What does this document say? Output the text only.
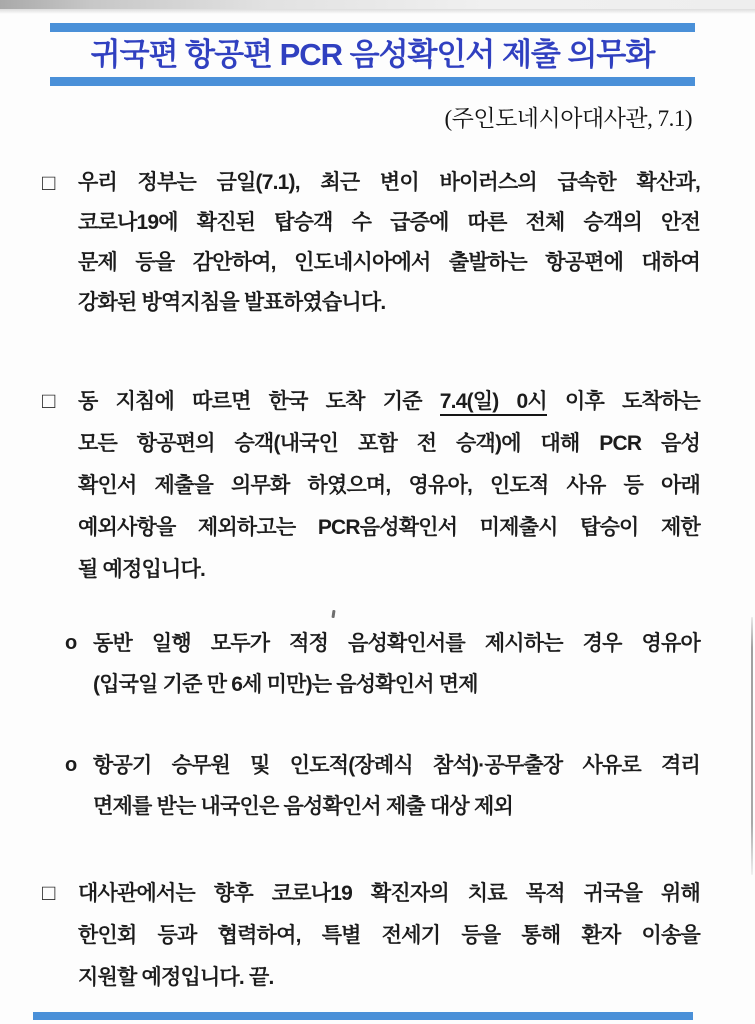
귀국편 항공편 PCR 음성확인서 제출 의무화
(주인도네시아대사관, 7.1)
□	우리 정부는 금일(7.1), 최근 변이 바이러스의 급속한 확산과,
코로나19에 확진된 탑승객 수 급증에 따른 전체 승객의 안전
문제 등을 감안하여, 인도네시아에서 출발하는 항공편에 대하여
강화된 방역지침을 발표하였습니다.
□	동 지침에 따르면 한국 도착 기준 7.4(일) 0시 이후 도착하는
모든 항공편의 승객(내국인 포함 전 승객)에 대해 PCR 음성
확인서 제출을 의무화 하였으며, 영유아, 인도적 사유 등 아래
예외사항을 제외하고는 PCR음성확인서 미제출시 탑승이 제한
될 예정입니다.
o 동반 일행 모두가 적정 음성확인서를 제시하는 경우 영유아
(입국일 기준 만 6세 미만)는 음성확인서 면제
o 항공기 승무원 및 인도적(장례식 참석)·공무출장 사유로 격리
면제를 받는 내국인은 음성확인서 제출 대상 제외
□	대사관에서는 향후 코로나19 확진자의 치료 목적 귀국을 위해
한인회 등과 협력하여, 특별 전세기 등을 통해 환자 이송을
지원할 예정입니다. 끝.
